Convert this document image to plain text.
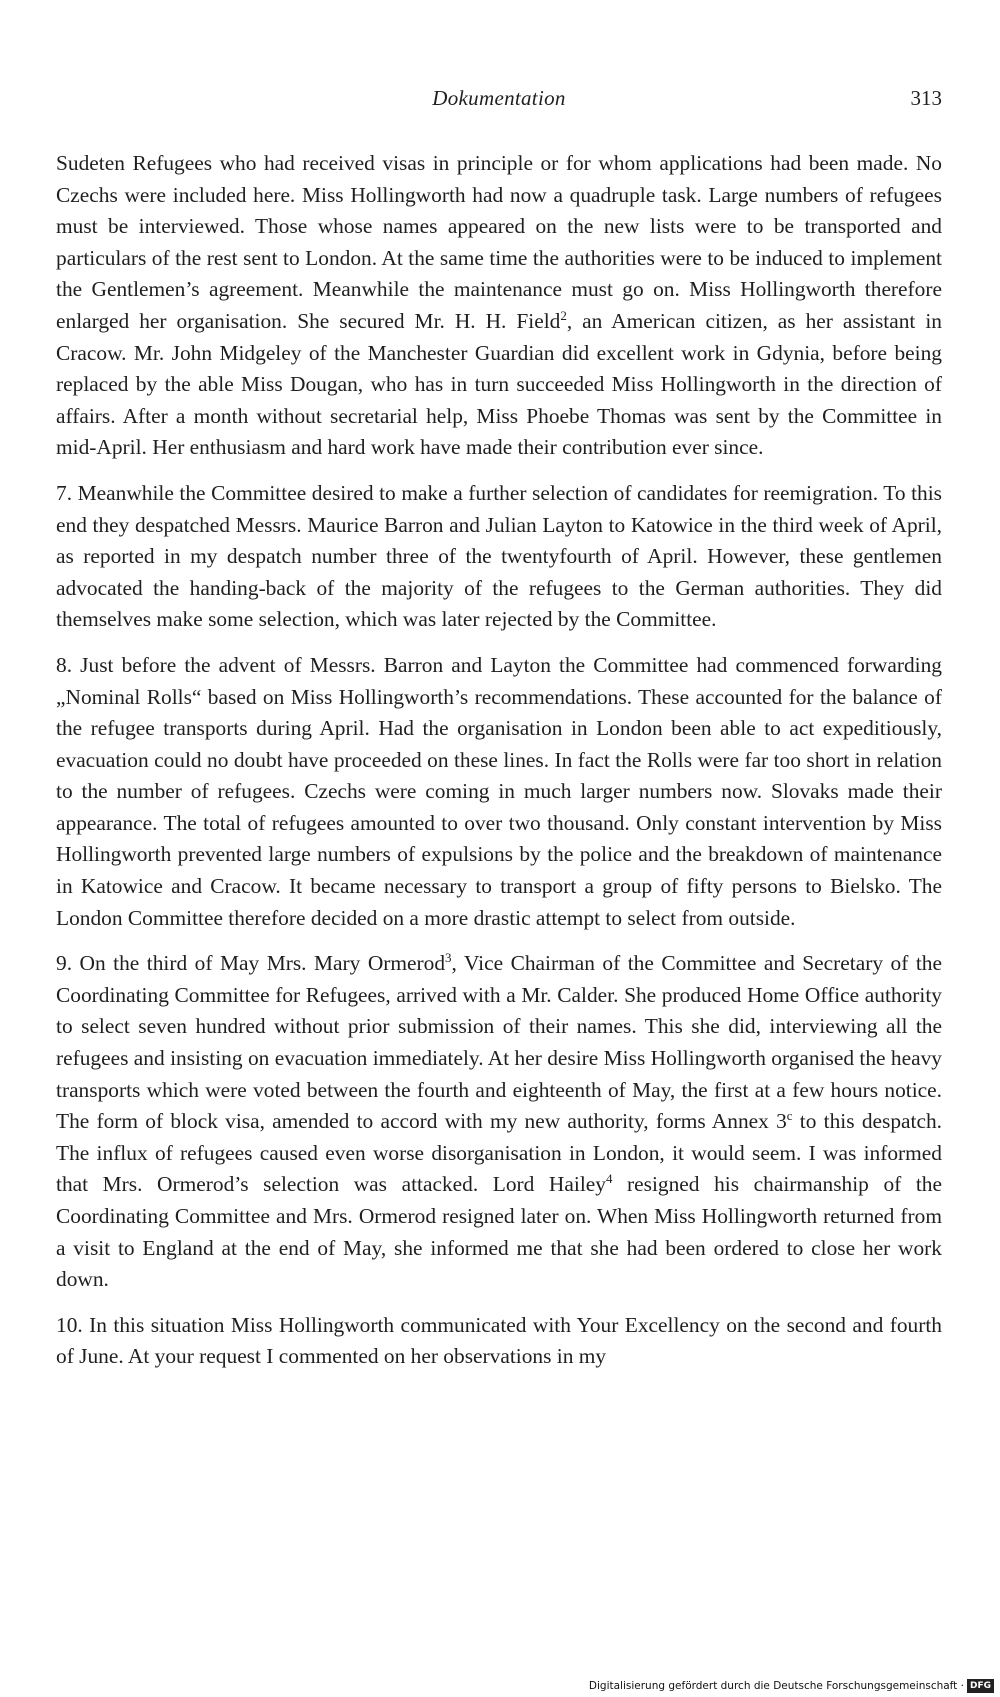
Dokumentation	313

Sudeten Refugees who had received visas in principle or for whom applications had been made. No Czechs were included here. Miss Hollingworth had now a quadruple task. Large numbers of refugees must be interviewed. Those whose names appeared on the new lists were to be transported and particulars of the rest sent to London. At the same time the authorities were to be induced to implement the Gentlemen’s agreement. Meanwhile the maintenance must go on. Miss Hollingworth therefore enlarged her organisation. She secured Mr. H. H. Field$^2$, an American citizen, as her assistant in Cracow. Mr. John Midgeley of the Manchester Guardian did excellent work in Gdynia, before being replaced by the able Miss Dougan, who has in turn succeeded Miss Hollingworth in the direction of affairs. After a month without secretarial help, Miss Phoebe Thomas was sent by the Committee in mid-April. Her enthusiasm and hard work have made their contribution ever since.

7. Meanwhile the Committee desired to make a further selection of candidates for reemigration. To this end they despatched Messrs. Maurice Barron and Julian Layton to Katowice in the third week of April, as reported in my despatch number three of the twentyfourth of April. However, these gentlemen advocated the handing-back of the majority of the refugees to the German authorities. They did themselves make some selection, which was later rejected by the Committee.

8. Just before the advent of Messrs. Barron and Layton the Committee had commenced forwarding „Nominal Rolls“ based on Miss Hollingworth’s recommendations. These accounted for the balance of the refugee transports during April. Had the organisation in London been able to act expeditiously, evacuation could no doubt have proceeded on these lines. In fact the Rolls were far too short in relation to the number of refugees. Czechs were coming in much larger numbers now. Slovaks made their appearance. The total of refugees amounted to over two thousand. Only constant intervention by Miss Hollingworth prevented large numbers of expulsions by the police and the breakdown of maintenance in Katowice and Cracow. It became necessary to transport a group of fifty persons to Bielsko. The London Committee therefore decided on a more drastic attempt to select from outside.

9. On the third of May Mrs. Mary Ormerod$^3$, Vice Chairman of the Committee and Secretary of the Coordinating Committee for Refugees, arrived with a Mr. Calder. She produced Home Office authority to select seven hundred without prior submission of their names. This she did, interviewing all the refugees and insisting on evacuation immediately. At her desire Miss Hollingworth organised the heavy transports which were voted between the fourth and eighteenth of May, the first at a few hours notice. The form of block visa, amended to accord with my new authority, forms Annex 3$^c$ to this despatch. The influx of refugees caused even worse disorganisation in London, it would seem. I was informed that Mrs. Ormerod’s selection was attacked. Lord Hailey$^4$ resigned his chairmanship of the Coordinating Committee and Mrs. Ormerod resigned later on. When Miss Hollingworth returned from a visit to England at the end of May, she informed me that she had been ordered to close her work down.

10. In this situation Miss Hollingworth communicated with Your Excellency on the second and fourth of June. At your request I commented on her observations in my

Digitalisierung gefördert durch die Deutsche Forschungsgemeinschaft · DFG
